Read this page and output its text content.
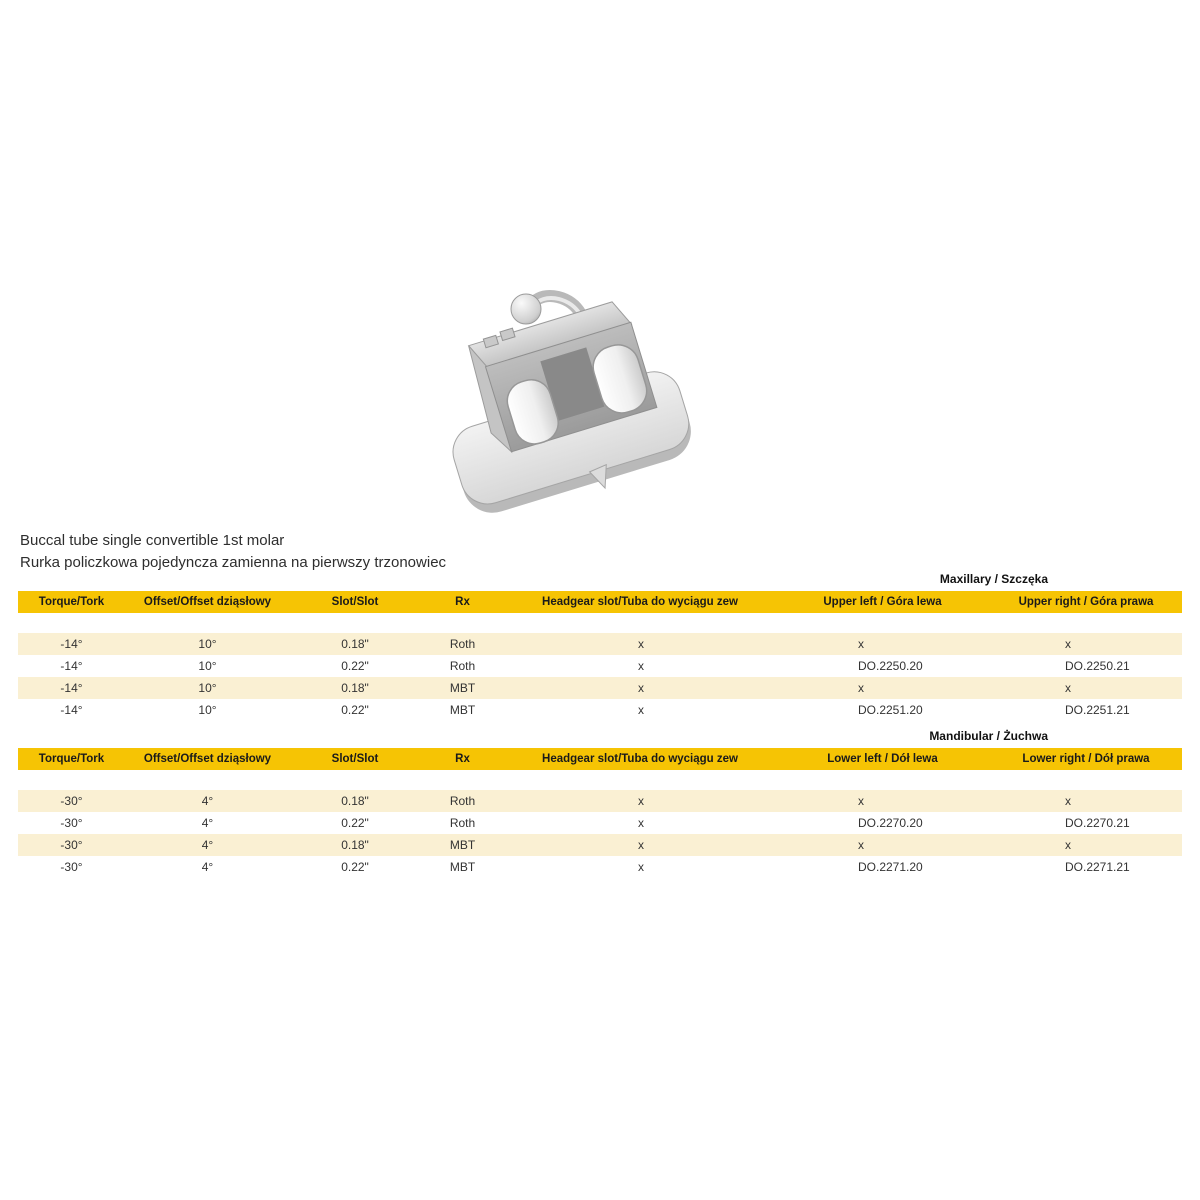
Buccal tube single convertible 1st molar
Rurka policzkowa pojedyncza zamienna na pierwszy trzonowiec
Maxillary / Szczęka
Torque/Tork	Offset/Offset dziąsłowy	Slot/Slot	Rx	Headgear slot/Tuba do wyciągu zew	Upper left / Góra lewa	Upper right / Góra prawa

-14°	10°	0.18"	Roth	x	x	x
-14°	10°	0.22"	Roth	x	DO.2250.20	DO.2250.21
-14°	10°	0.18"	MBT	x	x	x
-14°	10°	0.22"	MBT	x	DO.2251.20	DO.2251.21
Mandibular / Żuchwa
Torque/Tork	Offset/Offset dziąsłowy	Slot/Slot	Rx	Headgear slot/Tuba do wyciągu zew	Lower left / Dół lewa	Lower right / Dół prawa

-30°	4°	0.18"	Roth	x	x	x
-30°	4°	0.22"	Roth	x	DO.2270.20	DO.2270.21
-30°	4°	0.18"	MBT	x	x	x
-30°	4°	0.22"	MBT	x	DO.2271.20	DO.2271.21
